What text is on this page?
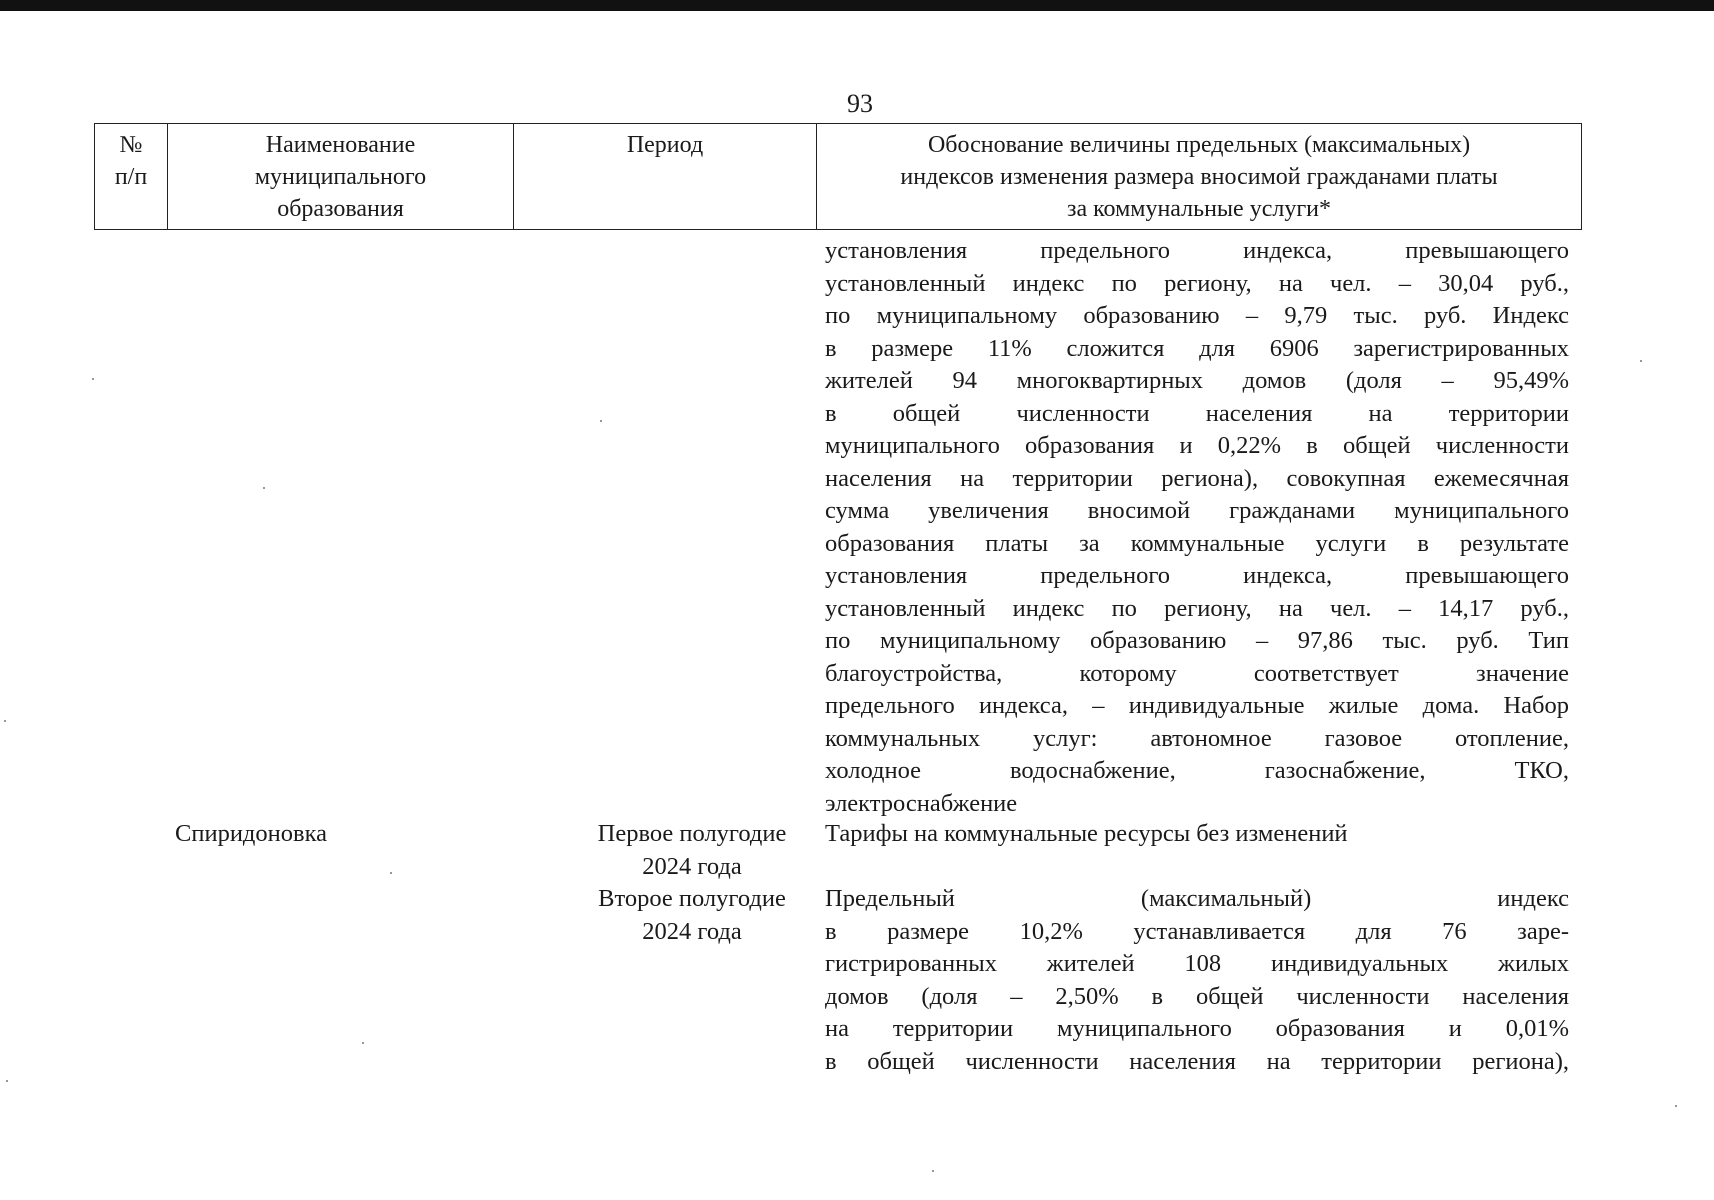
93
№
п/п
Наименование
муниципального
образования
Период	Обоснование величины предельных (максимальных)
индексов изменения размера вносимой гражданами платы
за коммунальные услуги*
установления предельного индекса, превышающего
установленный индекс по региону, на чел. – 30,04 руб.,
по муниципальному образованию – 9,79 тыс. руб. Индекс
в размере 11% сложится для 6906 зарегистрированных
жителей 94 многоквартирных домов (доля – 95,49%
в общей численности населения на территории
муниципального образования и 0,22% в общей численности
населения на территории региона), совокупная ежемесячная
сумма увеличения вносимой гражданами муниципального
образования платы за коммунальные услуги в результате
установления предельного индекса, превышающего
установленный индекс по региону, на чел. – 14,17 руб.,
по муниципальному образованию – 97,86 тыс. руб. Тип
благоустройства, которому соответствует значение
предельного индекса, – индивидуальные жилые дома. Набор
коммунальных услуг: автономное газовое отопление,
холодное водоснабжение, газоснабжение, ТКО,
электроснабжение
Спиридоновка	Первое полугодие
2024 года
Тарифы на коммунальные ресурсы без изменений
Второе полугодие
2024 года
Предельный (максимальный) индекс
в размере 10,2% устанавливается для 76 заре-
гистрированных жителей 108 индивидуальных жилых
домов (доля – 2,50% в общей численности населения
на территории муниципального образования и 0,01%
в общей численности населения на территории региона),
